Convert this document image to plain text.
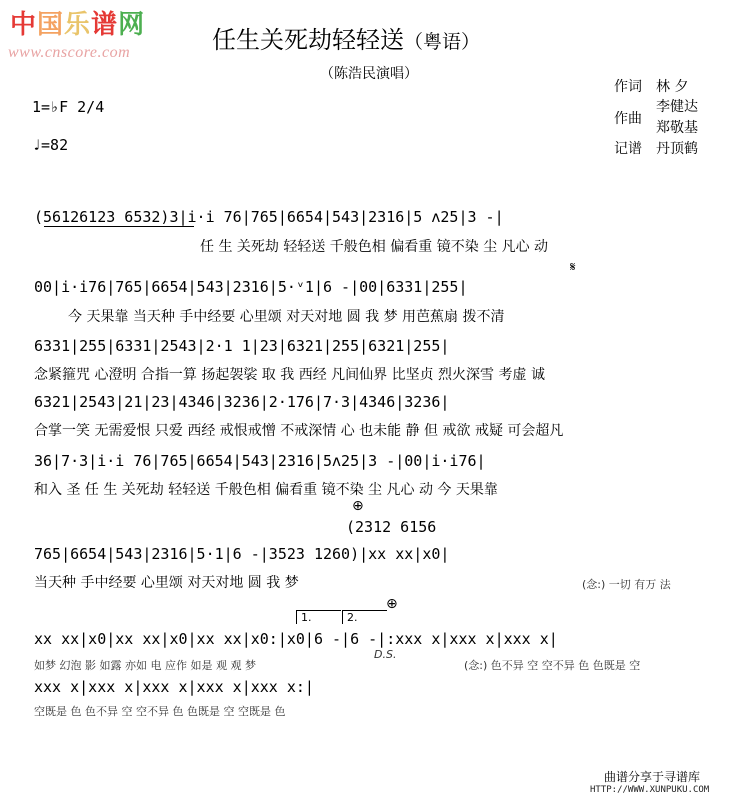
中国乐谱网
www.cnscore.com	任生关死劫轻轻送（粤语）
（陈浩民演唱）
作词 林 夕
作曲
李健达
郑敬基
记谱 丹顶鹤
1=♭F 2/4
♩=82
(56126123 6532)3|i·i 76|765|6654|543|2316|5 ʌ25|3 -|
任 生 关死劫 轻轻送 千般色相 偏看重 镜不染 尘 凡心 动
00|i·i76|765|6654|543|2316|5·ᵛ1|6 -|00|6331|255|
今 天果靠 当天种 手中经要 心里颂 对天对地 圆 我 梦 用芭蕉扇 拨不清
𝄋
6331|255|6331|2543|2·1 1|23|6321|255|6321|255|
念紧箍咒 心澄明 合指一算 扬起袈裟 取 我 西经 凡间仙界 比坚贞 烈火深雪 考虚 诚
6321|2543|21|23|4346|3236|2·176|7·3|4346|3236|
合掌一笑 无需爱恨 只爱 西经 戒恨戒憎 不戒深情 心 也未能 静 但 戒欲 戒疑 可会超凡
36|7·3|i·i 76|765|6654|543|2316|5ʌ25|3 -|00|i·i76|
和入 圣 任 生 关死劫 轻轻送 千般色相 偏看重 镜不染 尘 凡心 动 今 天果靠
⊕
(2312 6156
765|6654|543|2316|5·1|6 -|3523 1260)|xx xx|x0|
当天种 手中经要 心里颂 对天对地 圆 我 梦	(念:) 一切 有万 法
1.	2.
⊕
xx xx|x0|xx xx|x0|xx xx|x0:|x0|6 -|6 -|:xxx x|xxx x|xxx x|
D.S.
如梦 幻泡 影 如露 亦如 电 应作 如是 观 观 梦	(念:) 色不异 空 空不异 色 色既是 空
xxx x|xxx x|xxx x|xxx x|xxx x:|
空既是 色 色不异 空 空不异 色 色既是 空 空既是 色
曲谱分享于寻谱库
HTTP://WWW.XUNPUKU.COM
